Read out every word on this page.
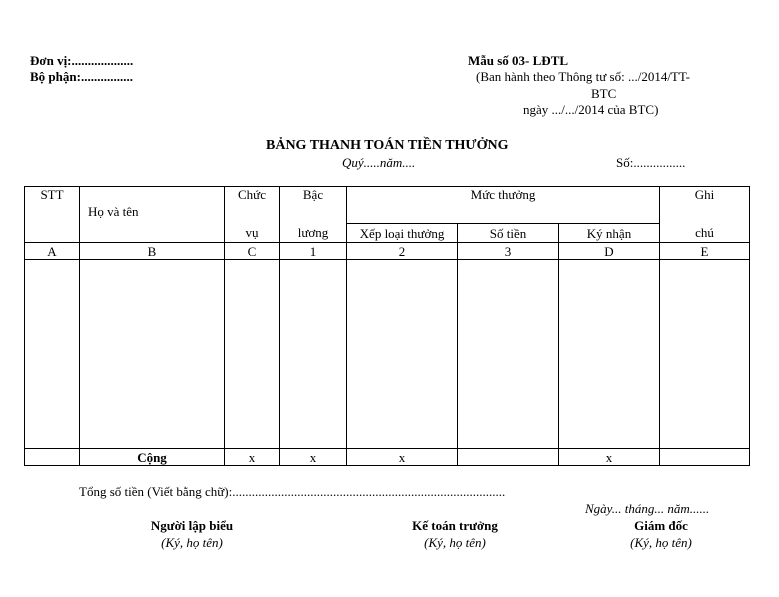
Đơn vị:...................
Bộ phận:................
Mẫu số 03- LĐTL
(Ban hành theo Thông tư số: .../2014/TT-
BTC
ngày .../.../2014 của BTC)
BẢNG THANH TOÁN TIỀN THƯỞNG
Quý.....năm....	Số:................
STT	Họ và tên	Chức	Bậc	Mức thưởng			Ghi
		vụ	lương	Xếp loại thưởng	Số tiền	Ký nhận	chú
A	B	C	1	2	3	D	E

	Cộng	x	x	x		x	
Tổng số tiền (Viết bằng chữ):....................................................................................
Ngày... tháng... năm......
Người lập biểu
(Ký, họ tên)
Kế toán trưởng
(Ký, họ tên)
Giám đốc
(Ký, họ tên)
